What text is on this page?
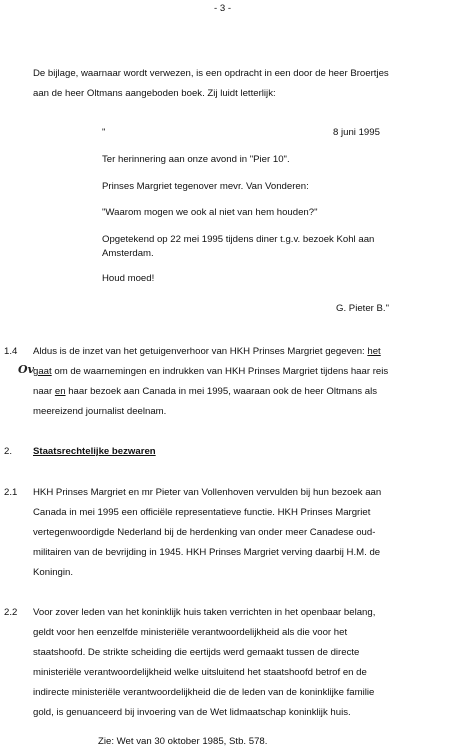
- 3 -
De bijlage, waarnaar wordt verwezen, is een opdracht in een door de heer Broertjes
aan de heer Oltmans aangeboden boek. Zij luidt letterlijk:
"	8 juni 1995
Ter herinnering aan onze avond in "Pier 10".
Prinses Margriet tegenover mevr. Van Vonderen:
"Waarom mogen we ook al niet van hem houden?"
Opgetekend op 22 mei 1995 tijdens diner t.g.v. bezoek Kohl aan
Amsterdam.
Houd moed!
G. Pieter B."
1.4 Aldus is de inzet van het getuigenverhoor van HKH Prinses Margriet gegeven: het
Ov gaat om de waarnemingen en indrukken van HKH Prinses Margriet tijdens haar reis
naar en haar bezoek aan Canada in mei 1995, waaraan ook de heer Oltmans als
meereizend journalist deelnam.
2. Staatsrechtelijke bezwaren
2.1 HKH Prinses Margriet en mr Pieter van Vollenhoven vervulden bij hun bezoek aan
Canada in mei 1995 een officiële representatieve functie. HKH Prinses Margriet
vertegenwoordigde Nederland bij de herdenking van onder meer Canadese oud-
militairen van de bevrijding in 1945. HKH Prinses Margriet verving daarbij H.M. de
Koningin.
2.2 Voor zover leden van het koninklijk huis taken verrichten in het openbaar belang,
geldt voor hen eenzelfde ministeriële verantwoordelijkheid als die voor het
staatshoofd. De strikte scheiding die eertijds werd gemaakt tussen de directe
ministeriële verantwoordelijkheid welke uitsluitend het staatshoofd betrof en de
indirecte ministeriële verantwoordelijkheid die de leden van de koninklijke familie
gold, is genuanceerd bij invoering van de Wet lidmaatschap koninklijk huis.
Zie: Wet van 30 oktober 1985, Stb. 578.
